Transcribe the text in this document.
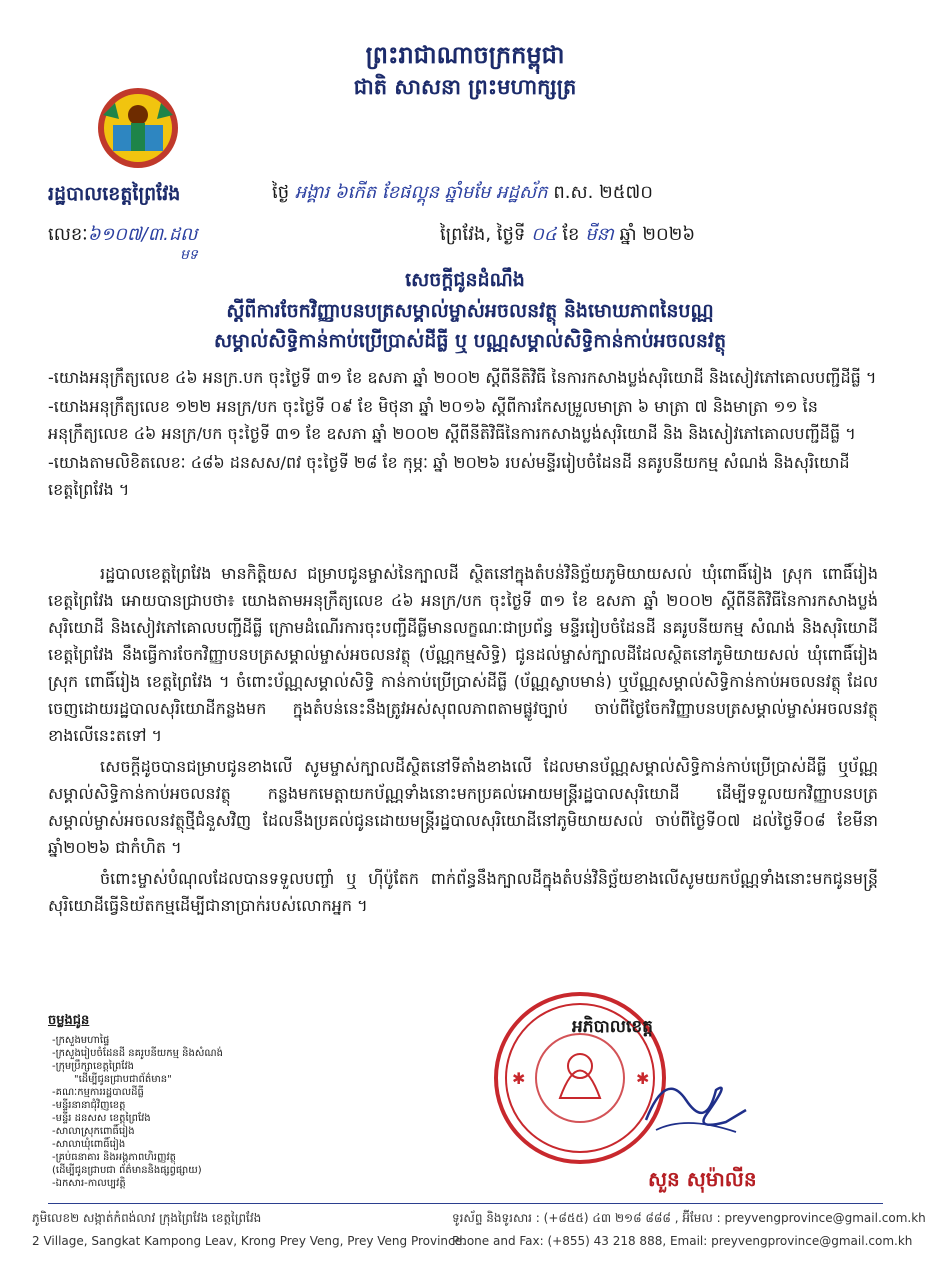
ព្រះរាជាណាចក្រកម្ពុជា
ជាតិ សាសនា ព្រះមហាក្សត្រ
រដ្ឋបាលខេត្តព្រៃវែង
លេខៈ៦១០៧/៣.ដល
មទ
ថ្ងៃ អង្គារ ៦កើត ខែផល្គុន ឆ្នាំមមែ អដ្ឋស័ក ព.ស. ២៥៧០
ព្រៃវែង, ថ្ងៃទី ០៤ ខែ មីនា ឆ្នាំ ២០២៦
សេចក្តីជូនដំណឹង
ស្តីពីការចែកវិញ្ញាបនបត្រសម្គាល់ម្ចាស់អចលនវត្ថុ និងមោឃភាពនៃបណ្ណ
សម្គាល់សិទ្ធិកាន់កាប់ប្រើប្រាស់ដីធ្លី ឬ បណ្ណសម្គាល់សិទ្ធិកាន់កាប់អចលនវត្ថុ

-យោងអនុក្រឹត្យលេខ ៤៦ អនក្រ.បក ចុះថ្ងៃទី ៣១ ខែ ឧសភា ឆ្នាំ ២០០២ ស្តីពីនីតិវិធី នៃការកសាងប្លង់សុរិយោដី និងសៀវភៅគោលបញ្ជីដីធ្លី ។

-យោងអនុក្រឹត្យលេខ ១២២ អនក្រ/បក ចុះថ្ងៃទី ០៩ ខែ មិថុនា ឆ្នាំ ២០១៦ ស្តីពីការកែសម្រួលមាត្រា ៦ មាត្រា ៧ និងមាត្រា ១១ នៃអនុក្រឹត្យលេខ ៤៦ អនក្រ/បក ចុះថ្ងៃទី ៣១ ខែ ឧសភា ឆ្នាំ ២០០២ ស្តីពីនីតិវិធីនៃការកសាងប្លង់សុរិយោដី និង និងសៀវភៅគោលបញ្ជីដីធ្លី ។

-យោងតាមលិខិតលេខៈ ៤៨៦ ដនសស/ពវ ចុះថ្ងៃទី ២៨ ខែ កុម្ភៈ ឆ្នាំ ២០២៦ របស់មន្ទីររៀបចំដែនដី នគរូបនីយកម្ម សំណង់ និងសុរិយោដី ខេត្តព្រៃវែង ។

រដ្ឋបាលខេត្តព្រៃវែង មានកិត្តិយស ជម្រាបជូនម្ចាស់នៃក្បាលដី ស្ថិតនៅក្នុងតំបន់វិនិច្ឆ័យភូមិយាយសល់ ឃុំពោធិ៍រៀង ស្រុក ពោធិ៍រៀង ខេត្តព្រៃវែង អោយបានជ្រាបថា៖ យោងតាមអនុក្រឹត្យលេខ ៤៦ អនក្រ/បក ចុះថ្ងៃទី ៣១ ខែ ឧសភា ឆ្នាំ ២០០២ ស្តីពីនីតិវិធីនៃការកសាងប្លង់សុរិយោដី និងសៀវភៅគោលបញ្ជីដីធ្លី ក្រោមដំណើរការចុះបញ្ជីដីធ្លីមានលក្ខណៈជាប្រព័ន្ធ មន្ទីររៀបចំដែនដី នគរូបនីយកម្ម សំណង់ និងសុរិយោដី ខេត្តព្រៃវែង នឹងធ្វើការចែកវិញ្ញាបនបត្រសម្គាល់ម្ចាស់អចលនវត្ថុ (ប័ណ្ណកម្មសិទ្ធិ) ជូនដល់ម្ចាស់ក្បាលដីដែលស្ថិតនៅភូមិយាយសល់ ឃុំពោធិ៍រៀង ស្រុក ពោធិ៍រៀង ខេត្តព្រៃវែង ។ ចំពោះប័ណ្ណសម្គាល់សិទ្ធិ កាន់កាប់ប្រើប្រាស់ដីធ្លី (ប័ណ្ណស្លាបមាន់) ឬប័ណ្ណសម្គាល់សិទ្ធិកាន់កាប់អចលនវត្ថុ ដែលចេញដោយរដ្ឋបាលសុរិយោដីកន្លងមក ក្នុងតំបន់នេះនឹងត្រូវអស់សុពលភាពតាមផ្លូវច្បាប់ ចាប់ពីថ្ងៃចែកវិញ្ញាបនបត្រសម្គាល់ម្ចាស់អចលនវត្ថុខាងលើនេះតទៅ ។

សេចក្តីដូចបានជម្រាបជូនខាងលើ សូមម្ចាស់ក្បាលដីស្ថិតនៅទីតាំងខាងលើ ដែលមានប័ណ្ណសម្គាល់សិទ្ធិកាន់កាប់ប្រើប្រាស់ដីធ្លី ឬប័ណ្ណសម្គាល់សិទ្ធិកាន់កាប់អចលនវត្ថុ កន្លងមកមេត្តាយកប័ណ្ណទាំងនោះមកប្រគល់អោយមន្ត្រីរដ្ឋបាលសុរិយោដី ដើម្បីទទួលយកវិញ្ញាបនបត្រសម្គាល់ម្ចាស់អចលនវត្ថុថ្មីជំនួសវិញ ដែលនឹងប្រគល់ជូនដោយមន្ត្រីរដ្ឋបាលសុរិយោដីនៅភូមិយាយសល់ ចាប់ពីថ្ងៃទី០៧ ដល់ថ្ងៃទី០៨ ខែមីនា ឆ្នាំ២០២៦ ជាកំហិត ។

ចំពោះម្ចាស់បំណុលដែលបានទទួលបញ្ចាំ ឬ ហ៊ីប៉ូតែក ពាក់ព័ន្ធនឹងក្បាលដីក្នុងតំបន់វិនិច្ឆ័យខាងលើសូមយកប័ណ្ណទាំងនោះមកជូនមន្ត្រីសុរិយោដីធ្វើនិយ័តកម្មដើម្បីជានាប្រាក់របស់លោកអ្នក ។

ចម្លងជូន
-ក្រសួងមហាផ្ទៃ
-ក្រសួងរៀបចំដែនដី នគរូបនីយកម្ម និងសំណង់
-ក្រុមប្រឹក្សាខេត្តព្រៃវែង
"ដើម្បីជូនជ្រាបជាព័ត៌មាន"
-គណៈកម្មការរដ្ឋបាលដីធ្លី
-មន្ទីរនានាជុំវិញខេត្ត
-មន្ទីរ ដនសស ខេត្តព្រៃវែង
-សាលាស្រុកពោធិ៍រៀង
-សាលាឃុំពោធិ៍រៀង
-គ្រប់ធនាគារ និងអង្គភាពហិរញ្ញវត្ថុ
(ដើម្បីជូនជ្រាបជា ព័ត៌មាននិងផ្សព្វផ្សាយ)
-ឯកសារ-កាលប្បវត្តិ
✱	✱
អភិបាលខេត្ត
សួន សុម៉ាលីន
ភូមិលេខ២ សង្កាត់កំពង់លាវ ក្រុងព្រៃវែង ខេត្តព្រៃវែង
2 Village, Sangkat Kampong Leav, Krong Prey Veng, Prey Veng Province.
ទូរស័ព្ទ និងទូរសារ : (+៨៥៥) ៤៣ ២១៨ ៨៨៨ , អ៊ីមែល : preyvengprovince@gmail.com.kh
Phone and Fax: (+855) 43 218 888, Email: preyvengprovince@gmail.com.kh
